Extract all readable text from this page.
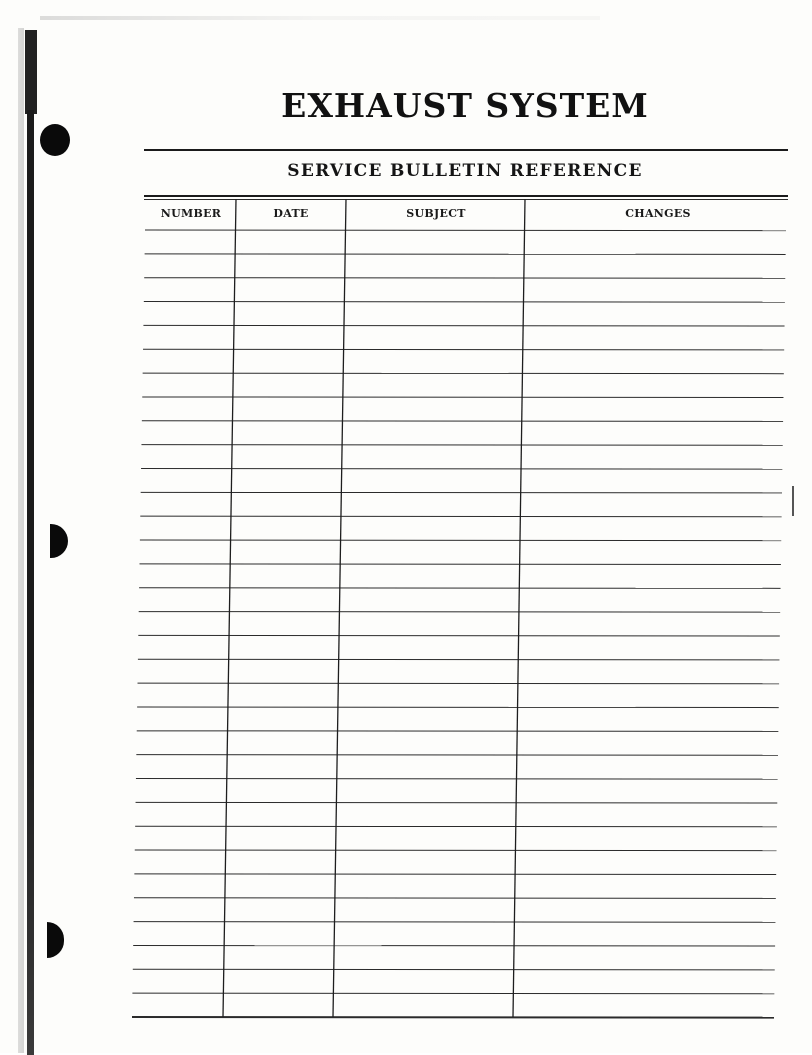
EXHAUST SYSTEM
SERVICE BULLETIN REFERENCE
NUMBER	DATE	SUBJECT	CHANGES
